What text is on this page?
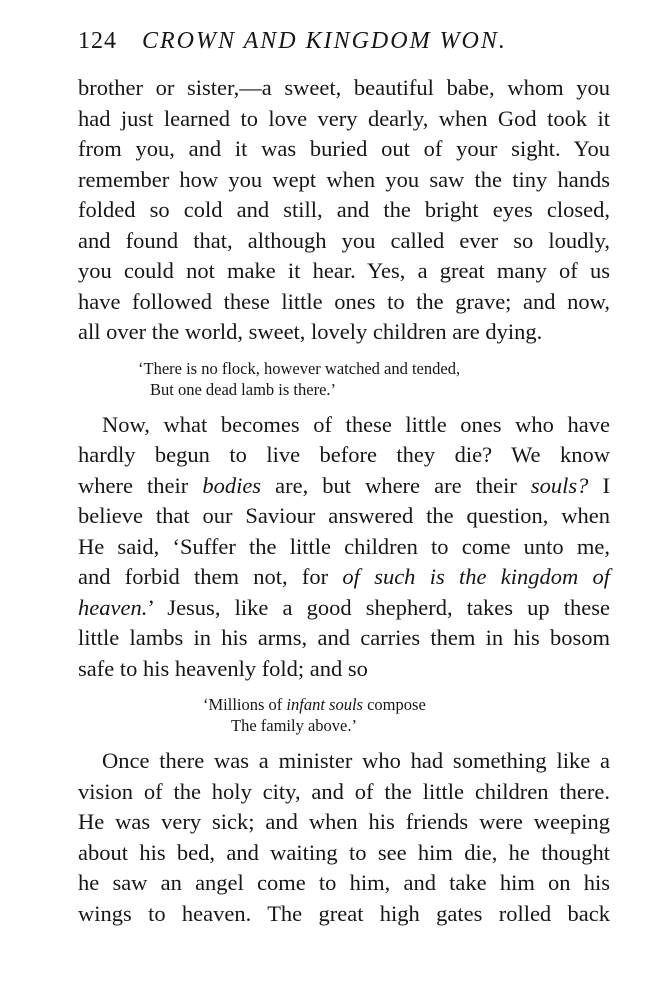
124 CROWN AND KINGDOM WON.
brother or sister,—a sweet, beautiful babe, whom you
had just learned to love very dearly, when God took it
from you, and it was buried out of your sight. You
remember how you wept when you saw the tiny hands
folded so cold and still, and the bright eyes closed,
and found that, although you called ever so loudly,
you could not make it hear. Yes, a great many of us
have followed these little ones to the grave; and now,
all over the world, sweet, lovely children are dying.
‘There is no flock, however watched and tended,
But one dead lamb is there.’
Now, what becomes of these little ones who have
hardly begun to live before they die? We know
where their bodies are, but where are their souls? I
believe that our Saviour answered the question, when
He said, ‘Suffer the little children to come unto me,
and forbid them not, for of such is the kingdom of
heaven.’ Jesus, like a good shepherd, takes up these
little lambs in his arms, and carries them in his bosom
safe to his heavenly fold; and so
‘Millions of infant souls compose
The family above.’
Once there was a minister who had something like a
vision of the holy city, and of the little children there.
He was very sick; and when his friends were weeping
about his bed, and waiting to see him die, he thought
he saw an angel come to him, and take him on his
wings to heaven. The great high gates rolled back
